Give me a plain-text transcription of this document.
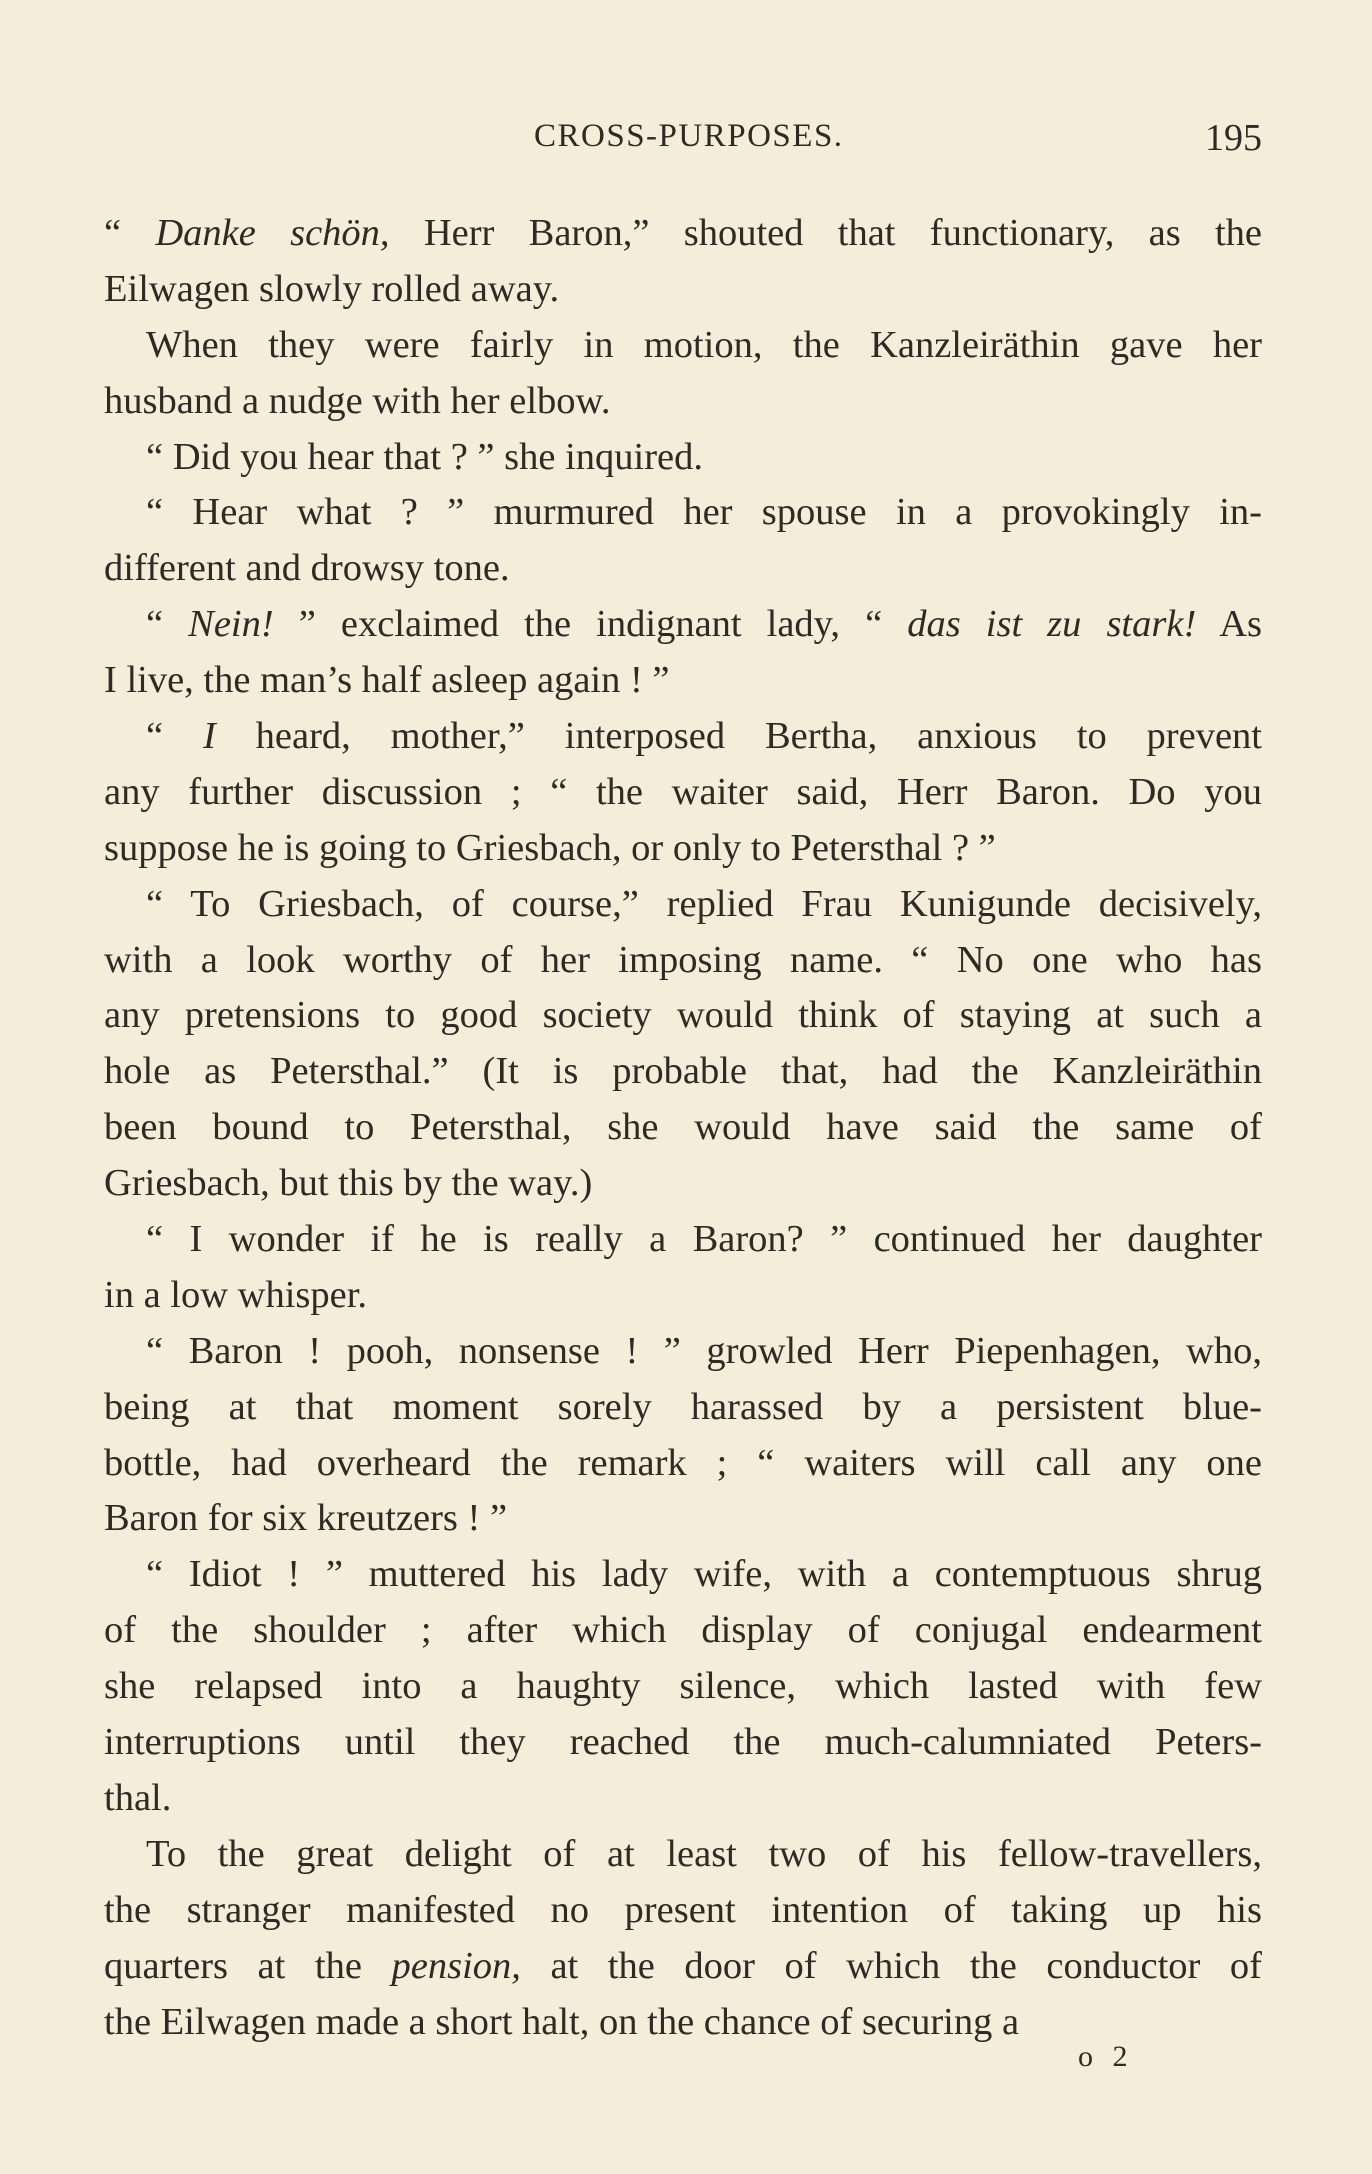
CROSS-PURPOSES.	195

“ Danke schön, Herr Baron,” shouted that functionary, as the
Eilwagen slowly rolled away.

When they were fairly in motion, the Kanzleiräthin gave her
husband a nudge with her elbow.

“ Did you hear that ? ” she inquired.

“ Hear what ? ” murmured her spouse in a provokingly in-
different and drowsy tone.

“ Nein! ” exclaimed the indignant lady, “ das ist zu stark! As
I live, the man’s half asleep again ! ”

“ I heard, mother,” interposed Bertha, anxious to prevent
any further discussion ; “ the waiter said, Herr Baron. Do you
suppose he is going to Griesbach, or only to Petersthal ? ”

“ To Griesbach, of course,” replied Frau Kunigunde decisively,
with a look worthy of her imposing name. “ No one who has
any pretensions to good society would think of staying at such a
hole as Petersthal.” (It is probable that, had the Kanzleiräthin
been bound to Petersthal, she would have said the same of
Griesbach, but this by the way.)

“ I wonder if he is really a Baron? ” continued her daughter
in a low whisper.

“ Baron ! pooh, nonsense ! ” growled Herr Piepenhagen, who,
being at that moment sorely harassed by a persistent blue-
bottle, had overheard the remark ; “ waiters will call any one
Baron for six kreutzers ! ”

“ Idiot ! ” muttered his lady wife, with a contemptuous shrug
of the shoulder ; after which display of conjugal endearment
she relapsed into a haughty silence, which lasted with few
interruptions until they reached the much-calumniated Peters-
thal.

To the great delight of at least two of his fellow-travellers,
the stranger manifested no present intention of taking up his
quarters at the pension, at the door of which the conductor of
the Eilwagen made a short halt, on the chance of securing a

o 2
